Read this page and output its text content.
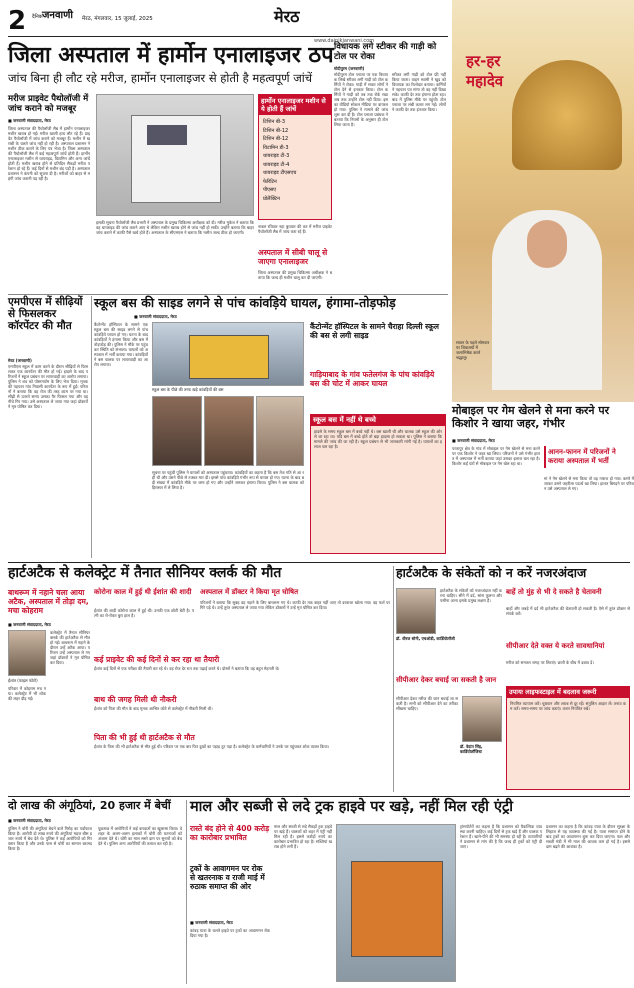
2 दैनिक जनवाणी मेरठ, मंगलवार, 15 जुलाई, 2025	मेरठ
www.dainikjanwani.com
जिला अस्पताल में हार्मोन एनालाइजर ठप
जांच बिना ही लौट रहे मरीज, हार्मोन एनालाइजर से होती है महत्वपूर्ण जांचें
मरीज प्राइवेट पैथोलॉजी में जांच कराने को मजबूर
■ जनवाणी संवाददाता, मेरठ
जिला अस्पताल की पैथोलॉजी लैब में हार्मोन एनालाइजर मशीन खराब हो गई। मरीज खाली हाथ लौट रहे हैं। प्राइवेट पैथोलॉजी में जांच कराने को मजबूर हैं। मशीन में खराबी के चलते जांच नहीं हो रही है। अस्पताल प्रशासन ने मशीन ठीक कराने के लिए पत्र भेजा है। जिला अस्पताल की पैथोलॉजी लैब में कई महत्वपूर्ण जांचें होती हैं। हार्मोन एनालाइजर मशीन से थायराइड, विटामिन और अन्य जांचें होती हैं। मशीन खराब होने से प्रतिदिन सैकड़ों मरीज परेशान हो रहे हैं। कई दिनों से मशीन बंद पड़ी है। अस्पताल प्रशासन ने कंपनी को सूचना दी है। मरीजों को बाहर से महंगी जांच करानी पड़ रही है।
इसकी सूचना पैथोलॉजी लैब प्रभारी ने अस्पताल के प्रमुख चिकित्सा अधीक्षक को दी। मरीज मुकेश ने बताया कि वह थायराइड की जांच कराने आए थे लेकिन मशीन खराब होने से जांच नहीं हो सकी। उन्होंने बताया कि बाहर जांच कराने में काफी पैसे खर्च होते हैं। अस्पताल के सीएमएस ने बताया कि मशीन जल्द ठीक हो जाएगी।
हार्मोन एनालाइजर मशीन से ये होती हैं जांचें
टिशिन बी-3
टिशिन बी-12
टिशिन बी-12
विटामिन डी-3
थायराइड टी-3
थायराइड टी-4
थायराइड टीएसएच
फेरिटिन
पीएसए
प्रोलैक्टिन
नाबल रविवार नहा बुधवार की कर में मरीज प्राइवेट पैथोलॉजी लैब में जांच करा रहे हैं।
अस्पताल में सीबी चालू से जाएगा एनालाइजर
जिला अस्पताल की प्रमुख चिकित्सा अधीक्षक ने बताया कि जल्द ही मशीन चालू कर दी जाएगी।
विधायक लगे स्टीकर की गाड़ी को टोल पर रोका
मोदीपुरम (जनवाणी)
मोदीपुरम टोल प्लाजा पर एक विधायक लिखे स्टीकर लगी गाड़ी को टोल कर्मियों ने रोका। गाड़ी में सवार लोगों ने टोल देने से इनकार किया। टोल कर्मियों ने गाड़ी को तब तक रोके रखा जब तक उन्होंने टोल नहीं दिया। इसका वीडियो सोशल मीडिया पर वायरल हो गया। पुलिस ने मामले की जांच शुरू कर दी है। टोल प्लाजा प्रबंधक ने बताया कि नियमों के अनुसार ही टोल लिया जाता है।
स्टीकर लगी गाड़ी को टोल फ्री नहीं किया जाता। वाहन स्वामी ने खुद को विधायक का रिश्तेदार बताया। कर्मियों ने पहचान पत्र मांगा तो वह नहीं दिखा सके। काफी देर तक हंगामा होता रहा। बाद में पुलिस मौके पर पहुंची। टोल प्लाजा पर लंबी कतार लग गई। लोगों ने काफी देर तक इंतजार किया।
हर-हर
महादेव
सावन के पहले सोमवार पर शिवालयों में जलाभिषेक करते श्रद्धालु।
एमपीएस में सीढ़ियों से फिसलकर कॉरपेंटर की मौत
मेरठ (जनवाणी)
एमपीएस स्कूल में काम करने के दौरान सीढ़ियों से फिसलकर एक कारपेंटर की मौत हो गई। हादसे के बाद परिजनों ने स्कूल प्रबंधन पर लापरवाही का आरोप लगाया। पुलिस ने शव को पोस्टमार्टम के लिए भेज दिया। मृतक की पहचान गांव निवासी कारपेंटर के रूप में हुई। परिजनों ने बताया कि वह रोज की तरह काम पर गया था। सीढ़ी से उतरते समय उसका पैर फिसल गया और वह नीचे गिर गया। उसे अस्पताल ले जाया गया जहां डॉक्टरों ने मृत घोषित कर दिया।
स्कूल बस की साइड लगने से पांच कांवड़िये घायल, हंगामा-तोड़फोड़
■ जनवाणी संवाददाता, मेरठ
कैंटोन्मेंट हॉस्पिटल के सामने एक स्कूल बस की साइड लगने से पांच कांवड़िये घायल हो गए। घटना के बाद कांवड़ियों ने हंगामा किया और बस में तोड़फोड़ की। पुलिस ने मौके पर पहुंचकर स्थिति को संभाला। घायलों को अस्पताल में भर्ती कराया गया। कांवड़ियों ने बस चालक पर लापरवाही का आरोप लगाया।
स्कूल बस के पीछे की तरफ खड़े कांवड़ियों की बस
सूचना पर पहुंची पुलिस ने घायलों को अस्पताल पहुंचाया। कांवड़ियों का कहना है कि बस तेज गति से आ रही थी और उसने पीछे से टक्कर मार दी। इससे पांच कांवड़िये गंभीर रूप से घायल हो गए। घटना के बाद बड़ी संख्या में कांवड़िये मौके पर जमा हो गए और उन्होंने जमकर हंगामा किया। पुलिस ने बस चालक को हिरासत में ले लिया है।
कैंटोन्मेंट हॉस्पिटल के सामने चैराहा दिल्ली स्कूल की बस से लगी साइड
गाड़ियाबाद के गांव फतेलगंज के पांच कांवड़िये बस की चोट में आकर घायल
स्कूल बस में नहीं थे बच्चे
हादसे के समय स्कूल बस में बच्चे नहीं थे। बस खाली थी और चालक उसे स्कूल की ओर ले जा रहा था। यदि बस में बच्चे होते तो बड़ा हादसा हो सकता था। पुलिस ने बताया कि मामले की जांच की जा रही है। स्कूल प्रबंधन से भी जानकारी मांगी गई है। घायलों का इलाज चल रहा है।
मोबाइल पर गेम खेलने से मना करने पर किशोर ने खाया जहर, गंभीर
■ जनवाणी संवाददाता, मेरठ
परतापुर क्षेत्र के गांव में मोबाइल पर गेम खेलने से मना करने पर एक किशोर ने जहर खा लिया। परिजनों ने उसे गंभीर हालत में अस्पताल में भर्ती कराया जहां उसका इलाज चल रहा है। किशोर कई घंटों से मोबाइल पर गेम खेल रहा था।
आनन-फानन में परिजनों ने कराया अस्पताल में भर्ती
मां ने गेम खेलने से मना किया तो वह नाराज हो गया। कमरे में जाकर उसने जहरीला पदार्थ खा लिया। हालत बिगड़ने पर परिजन उसे अस्पताल ले गए।
हार्टअटैक से कलेक्ट्रेट में तैनात सीनियर क्लर्क की मौत
बाथरूम में नहाने चला आया अटैक, अस्पताल में तोड़ा दम, मचा कोहराम
■ जनवाणी संवाददाता, मेरठ
ईशांत (फाइल फोटो)
कलेक्ट्रेट में तैनात सीनियर क्लर्क की हार्टअटैक से मौत हो गई। बाथरूम में नहाने के दौरान उन्हें अटैक आया। परिजन उन्हें अस्पताल ले गए जहां डॉक्टरों ने मृत घोषित कर दिया।
परिवार में कोहराम मच गया। कलेक्ट्रेट में भी शोक की लहर दौड़ गई।
कोरोना काल में हुई थी ईशांत की शादी
ईशांत की शादी कोरोना काल में हुई थी। उनकी एक छोटी बेटी है। पत्नी का रो-रोकर बुरा हाल है।
अस्पताल में डॉक्टर ने किया मृत घोषित
परिजनों ने बताया कि सुबह वह नहाने के लिए बाथरूम गए थे। काफी देर तक बाहर नहीं आए तो दरवाजा खोला गया। वह फर्श पर गिरे पड़े थे। उन्हें तुरंत अस्पताल ले जाया गया लेकिन डॉक्टरों ने उन्हें मृत घोषित कर दिया।
कई प्राइवेट की कई दिनों से कर रहा था तैयारी
ईशांत कई दिनों से एक परीक्षा की तैयारी कर रहे थे। वह रोज देर रात तक पढ़ाई करते थे। दोस्तों ने बताया कि वह बहुत मेहनती थे।
बाथ की जगह मिली थी नौकरी
ईशांत को पिता की मौत के बाद मृतक आश्रित कोटे से कलेक्ट्रेट में नौकरी मिली थी।
पिता की भी हुई थी हार्टअटैक से मौत
ईशांत के पिता की भी हार्टअटैक से मौत हुई थी। परिवार पर एक बार फिर दुखों का पहाड़ टूट पड़ा है। कलेक्ट्रेट के कर्मचारियों ने उनके घर पहुंचकर शोक व्यक्त किया।
हार्टअटैक के संकेतों को न करें नजरअंदाज
डॉ. धीरज सोनी, एचओडी, कार्डियोलॉजी
हार्टअटैक के संकेतों को नजरअंदाज नहीं करना चाहिए। सीने में दर्द, सांस फूलना और पसीना आना इसके प्रमुख लक्षण हैं।
बाहें तो मुंह से भी दे सकते है चेतावनी
बाहों और जबड़े में दर्द भी हार्टअटैक की चेतावनी हो सकती है। ऐसे में तुरंत डॉक्टर से संपर्क करें।
सीपीआर देते वक्त ये करते सावधानियां
मरीज को समतल जगह पर लिटाएं। छाती के बीच में दबाव दें।
उपायः लाइफस्टाइल में बदलाव जरूरी
नियमित व्यायाम करें। धूम्रपान और शराब से दूर रहें। संतुलित आहार लें। तनाव कम करें। समय-समय पर जांच कराएं। वजन नियंत्रित रखें।
सीपीआर देकर बचाई जा सकती है जान
सीपीआर देकर मरीज की जान बचाई जा सकती है। सभी को सीपीआर देने का तरीका सीखना चाहिए।
डॉ. वेदांत सिंह, कार्डियोलॉजिस्ट
दो लाख की अंगूठियां, 20 हजार में बेचीं
■ जनवाणी संवाददाता, मेरठ
पुलिस ने चोरी की अंगूठियां बेचने वाले गिरोह का पर्दाफाश किया है। आरोपी दो लाख रुपये की अंगूठियां महज बीस हजार रुपये में बेच देते थे। पुलिस ने कई आरोपियों को गिरफ्तार किया है और उनके पास से चोरी का सामान बरामद किया है।
पूछताछ में आरोपियों ने कई वारदातों का खुलासा किया। वे शहर के अलग-अलग इलाकों में चोरी की घटनाओं को अंजाम देते थे। चोरी का माल सस्ते दाम पर सुनारों को बेच देते थे। पुलिस अन्य आरोपियों की तलाश कर रही है।
माल और सब्जी से लदे ट्रक हाइवे पर खड़े, नहीं मिल रही एंट्री
रास्ते बंद होने से 400 करोड़ का कारोबार प्रभावित
ट्रकों के आवागमन पर रोक से खतरनाक व राजी माई में रुठाक समाप्त की ओर
■ जनवाणी संवाददाता, मेरठ
कांवड़ यात्रा के चलते हाइवे पर ट्रकों का आवागमन रोक दिया गया है।
माल और सब्जी से लदे सैकड़ों ट्रक हाइवे पर खड़े हैं। चालकों को शहर में एंट्री नहीं मिल रही है। इससे करोड़ों रुपये का कारोबार प्रभावित हो रहा है। सब्जियां खराब होने लगी हैं।
ट्रांसपोर्टरों का कहना है कि प्रशासन को वैकल्पिक व्यवस्था करनी चाहिए। कई दिनों से ट्रक खड़े हैं और चालक परेशान हैं। खाने-पीने की भी समस्या हो रही है। व्यापारियों ने प्रशासन से मांग की है कि जल्द ही ट्रकों को एंट्री दी जाए।
प्रशासन का कहना है कि कांवड़ यात्रा के दौरान सुरक्षा के लिहाज से यह व्यवस्था की गई है। यात्रा समाप्त होने के बाद ट्रकों का आवागमन शुरू कर दिया जाएगा। फल और सब्जी मंडी में भी माल की आवक कम हो गई है। इससे दाम बढ़ने की आशंका है।
